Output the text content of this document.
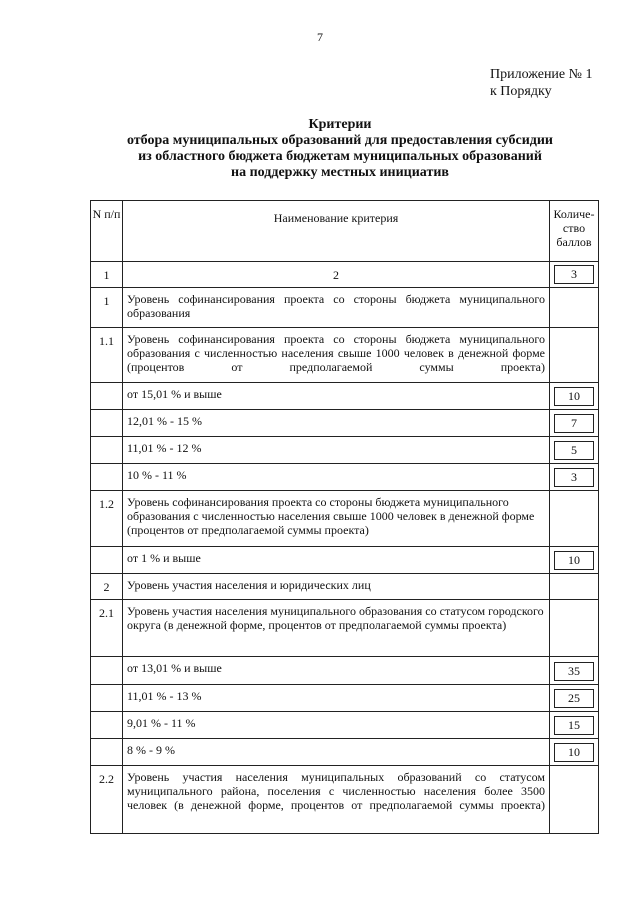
7
Приложение № 1
к Порядку
Критерии
отбора муниципальных образований для предоставления субсидии
из областного бюджета бюджетам муниципальных образований
на поддержку местных инициатив
N п/п	Наименование критерия	Количе-ство баллов
1	2	3

1	Уровень софинансирования проекта со стороны бюджета муниципального образования	
1.1	Уровень софинансирования проекта со стороны бюджета муниципального образования с численностью населения свыше 1000 человек в денежной форме (процентов от предполагаемой суммы проекта)	
	от 15,01 % и выше	10

	12,01 % - 15 %	7

	11,01 % - 12 %	5

	10 % - 11 %	3

1.2	Уровень софинансирования проекта со стороны бюджета муниципального образования с численностью населения свыше 1000 человек в денежной форме (процентов от предполагаемой суммы проекта)	
	от 1 % и выше	10

2	Уровень участия населения и юридических лиц	
2.1	Уровень участия населения муниципального образования со статусом городского округа (в денежной форме, процентов от предполагаемой суммы проекта)	
	от 13,01 % и выше	35

	11,01 % - 13 %	25

	9,01 % - 11 %	15

	8 % - 9 %	10

2.2	Уровень участия населения муниципальных образований со статусом муниципального района, поселения с численностью населения более 3500 человек (в денежной форме, процентов от предполагаемой суммы проекта)	
